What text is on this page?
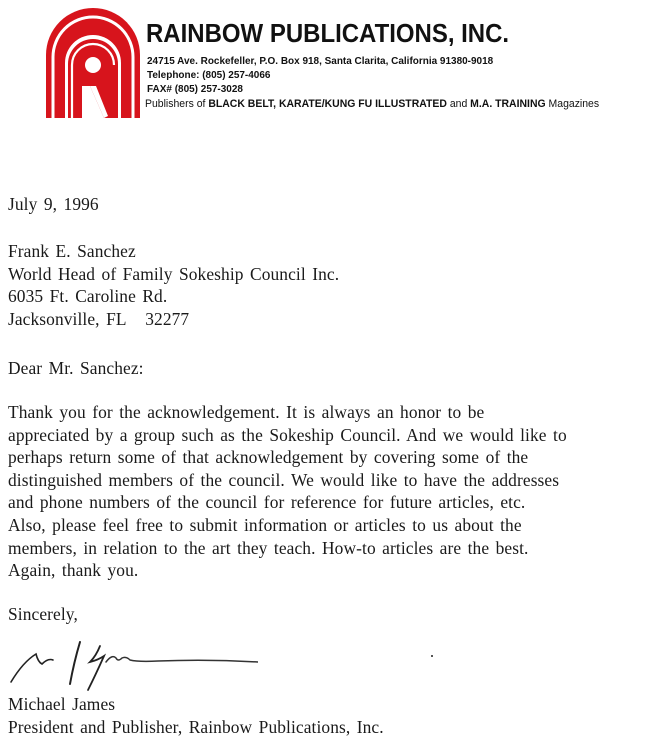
RAINBOW PUBLICATIONS, INC.
24715 Ave. Rockefeller, P.O. Box 918, Santa Clarita, California 91380-9018
Telephone: (805) 257-4066
FAX# (805) 257-3028
Publishers of BLACK BELT, KARATE/KUNG FU ILLUSTRATED and M.A. TRAINING Magazines
July 9, 1996
Frank E. Sanchez
World Head of Family Sokeship Council Inc.
6035 Ft. Caroline Rd.
Jacksonville, FL   32277
Dear Mr. Sanchez:
Thank you for the acknowledgement. It is always an honor to be
appreciated by a group such as the Sokeship Council. And we would like to
perhaps return some of that acknowledgement by covering some of the
distinguished members of the council. We would like to have the addresses
and phone numbers of the council for reference for future articles, etc.
Also, please feel free to submit information or articles to us about the
members, in relation to the art they teach. How-to articles are the best.
Again, thank you.
Sincerely,
Michael James
President and Publisher, Rainbow Publications, Inc.
